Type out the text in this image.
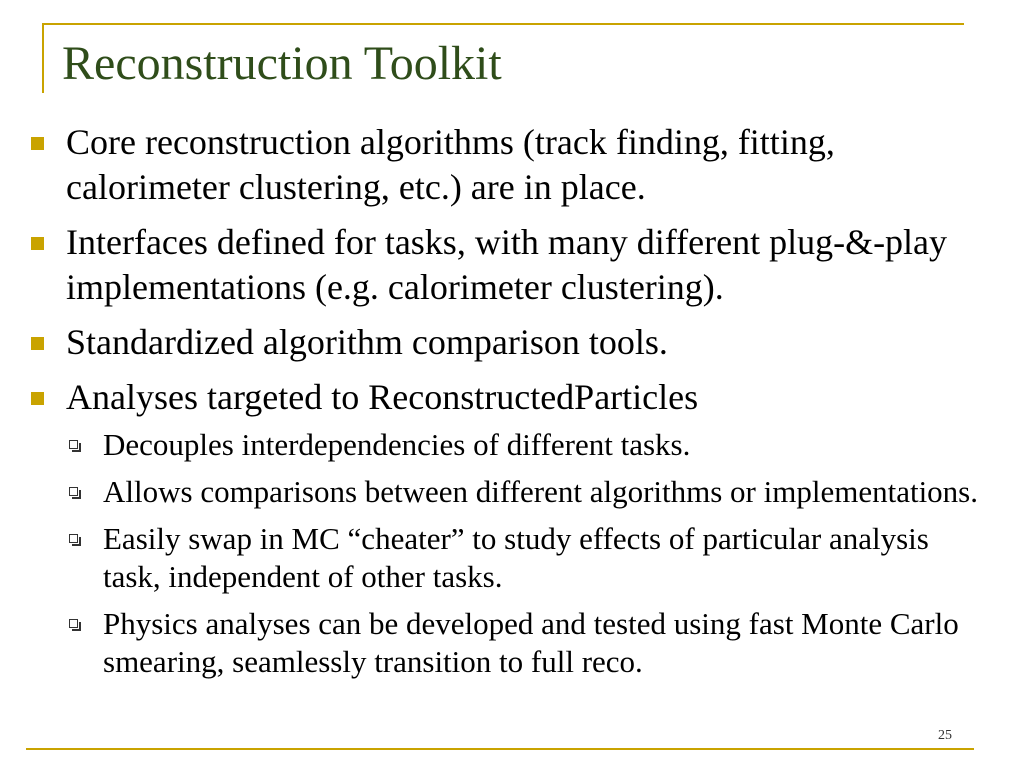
Reconstruction Toolkit
Core reconstruction algorithms (track finding, fitting, calorimeter clustering, etc.) are in place.
Interfaces defined for tasks, with many different plug-&-play implementations (e.g. calorimeter clustering).
Standardized algorithm comparison tools.
Analyses targeted to ReconstructedParticles
Decouples interdependencies of different tasks.
Allows comparisons between different algorithms or implementations.
Easily swap in MC “cheater” to study effects of particular analysis task, independent of other tasks.
Physics analyses can be developed and tested using fast Monte Carlo smearing, seamlessly transition to full reco.
25
